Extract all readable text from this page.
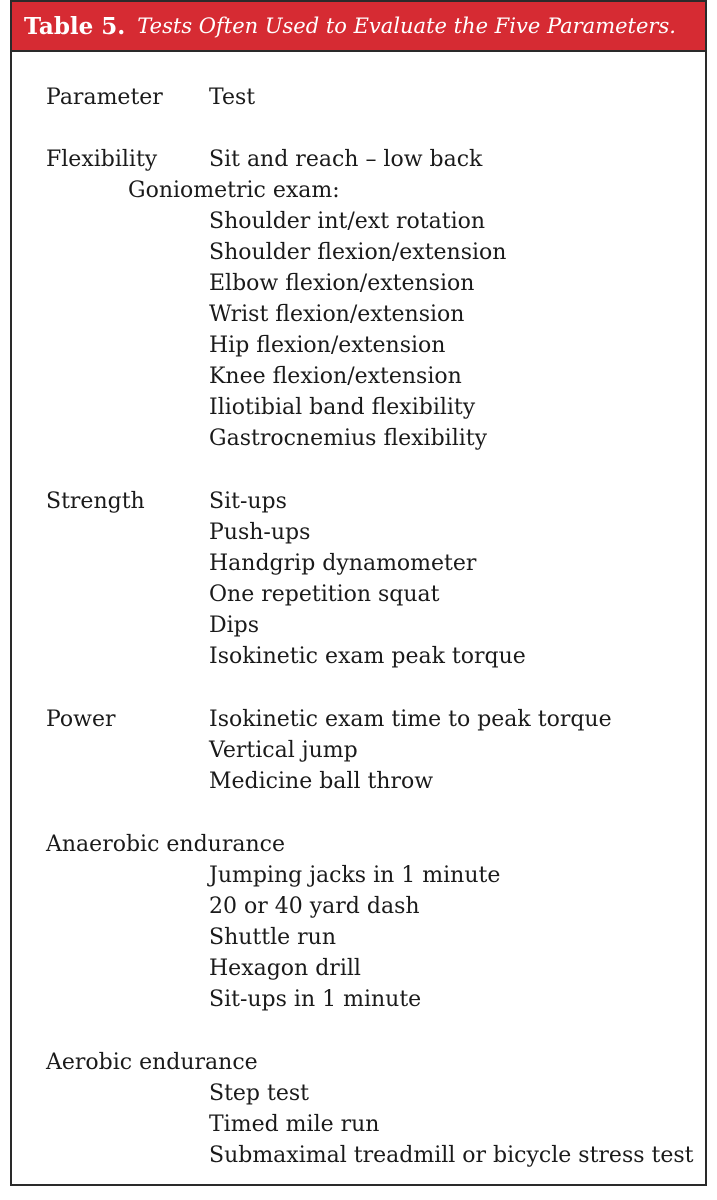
Table 5. Tests Often Used to Evaluate the Five Parameters.
Parameter Test
Flexibility Sit and reach – low back
Goniometric exam:
Shoulder int/ext rotation
Shoulder flexion/extension
Elbow flexion/extension
Wrist flexion/extension
Hip flexion/extension
Knee flexion/extension
Iliotibial band flexibility
Gastrocnemius flexibility
Strength	Sit-ups
Push-ups
Handgrip dynamometer
One repetition squat
Dips
Isokinetic exam peak torque
Power	Isokinetic exam time to peak torque
Vertical jump
Medicine ball throw
Anaerobic endurance
Jumping jacks in 1 minute
20 or 40 yard dash
Shuttle run
Hexagon drill
Sit-ups in 1 minute
Aerobic endurance
Step test
Timed mile run
Submaximal treadmill or bicycle stress test
